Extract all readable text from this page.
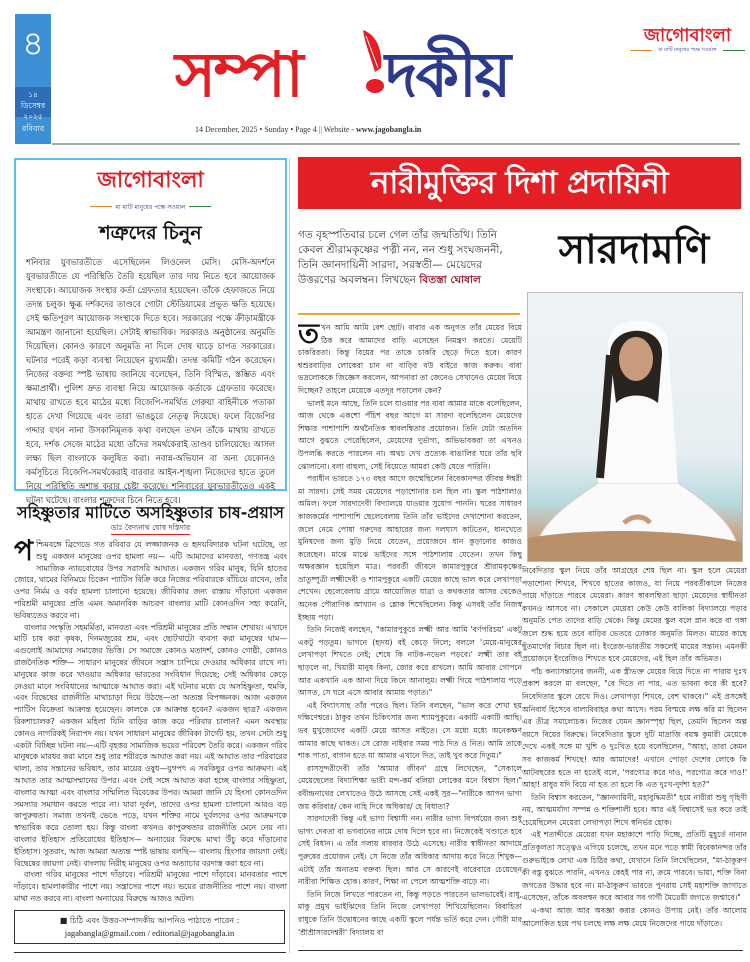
৪
১৪ ডিসেম্বর ২০২৫
রবিবার
সম্পা দকীয়
14 December, 2025 • Sunday • Page 4 || Website - www.jagobangla.in
জাগোবাংলা
মা মাটি মানুষের পক্ষে সওয়াল
জাগোবাংলা
মা মাটি মানুষের পক্ষে সওয়াল
শত্রুদের চিনুন

শনিবার যুবভারতীতে এসেছিলেন লিওনেল মেসি। মেসি-অদর্শনে যুবভারতীতে যে পরিস্থিতি তৈরি হয়েছিল তার দায় নিতে হবে আয়োজক সংস্থাকে। আয়োজক সংস্থার কর্তা গ্রেফতার হয়েছেন। তাঁকে হেফাজতে নিয়ে তদন্ত চলুক। ক্ষুব্ধ দর্শকদের তাণ্ডবে গোটা স্টেডিয়ামের প্রভূত ক্ষতি হয়েছে। সেই ক্ষতিপূরণ আয়োজক সংস্থাকে দিতে হবে। সরকারের পক্ষে ক্রীড়ামন্ত্রীকে আমন্ত্রণ জানানো হয়েছিল। সেটাই স্বাভাবিক। সরকারও অনুষ্ঠানের অনুমতি দিয়েছিল। কোনও কারণে অনুমতি না দিলে দোষ ঘাড়ে চাপত সরকারের। ঘটনার পরেই কড়া ব্যবস্থা নিয়েছেন মুখ্যমন্ত্রী। তদন্ত কমিটি গঠন করেছেন। নিজের বক্তব্য স্পষ্ট ভাষায় জানিয়ে বলেছেন, তিনি বিস্মিত, স্তম্ভিত এবং ক্ষমাপ্রার্থী। পুলিশ দ্রুত ব্যবস্থা নিয়ে আয়োজক কর্তাকে গ্রেফতার করেছে। মাথায় রাখতে হবে মাঠের মধ্যে বিজেপি-সমর্থিত গেরুয়া বাহিনীকে পতাকা হাতে দেখা গিয়েছে এবং তারা ভাঙচুরে নেতৃত্ব দিয়েছে। ফলে বিজেপির গদ্দার যখন নানা উসকানিমূলক কথা বলছেন তখন তাঁকে মাথায় রাখতে হবে, দর্শক সেজে মাঠের মধ্যে তাঁদের সমর্থকেরাই তাণ্ডব চালিয়েছে। আসল লক্ষ্য ছিল বাংলাকে কলুষিত করা। নবান্ন-অভিযান বা অন্য যেকোনও কর্মসূচিতে বিজেপি-সমর্থকেরাই বারবার আইন-শৃঙ্খলা নিজেদের হাতে তুলে নিয়ে পরিস্থিতি অশান্ত করার চেষ্টা করেছে। শনিবারের যুবভারতীতেও একই ঘটনা ঘটেছে। বাংলার শত্রুদের চিনে নিতে হবে।

সহিষ্ণুতার মাটিতে অসহিষ্ণুতার চাষ-প্রয়াস
ডাঃ বৈদ্যনাথ ঘোষ দস্তিদার

পশ্চিমবঙ্গে ব্রিগেডে গত রবিবার যে লজ্জাজনক ও হৃদয়বিদারক ঘটনা ঘটেছে, তা শুধু একজন মানুষের ওপর হামলা নয়— এটি আমাদের মানবতা, গণতন্ত্র এবং সামাজিক ন্যায়বোধের উপর সরাসরি আঘাত। একজন গরিব মানুষ, যিনি হাতের জোরে, ঘামের বিনিময়ে চিকেন প্যাটিস বিক্রি করে নিজের পরিবারকে বাঁচিয়ে রাখেন, তাঁর ওপর নির্মম ও বর্বর হামলা চালানো হয়েছে। জীবিকার জন্য রাস্তায় দাঁড়ানো একজন পরিশ্রমী মানুষের প্রতি এমন অমানবিক আচরণ বাংলার মাটি কোনওদিন সহ্য করেনি, ভবিষ্যতেও করবে না।

বাংলার সংস্কৃতি সহমর্মিতা, মানবতা এবং পরিশ্রমী মানুষের প্রতি সম্মান শেখায়। এখানে মাটি চাষ করা কৃষক, দিনমজুরের শ্রম, এবং ছোটখাটো ব্যবসা করা মানুষের ঘাম— এগুলোই আমাদের সমাজের ভিত্তি। সে সমাজে কোনও মতাদর্শ, কোনও গোষ্ঠী, কোনও রাজনৈতিক শক্তি— সাধারণ মানুষের জীবনে সন্ত্রাস চাপিয়ে দেওয়ার অধিকার রাখে না। মানুষের কাজ করে খাওয়ার অধিকার ভারতের সংবিধান দিয়েছে; সেই অধিকার কেড়ে নেওয়া মানে সংবিধানের আত্মাকে আঘাত করা। এই ঘটনার মধ্যে যে অসহিষ্ণুতা, হুমকি, এবং বিদ্বেষের রাজনীতি মাথাচাড়া দিয়ে উঠছে—তা অত্যন্ত বিপজ্জনক। আজ একজন প্যাটিস বিক্রেতা আক্রান্ত হয়েছেন। কালকে কে আক্রান্ত হবেন? একজন ছাত্র? একজন রিকশাচালক? একজন মহিলা যিনি বাড়ির কাজ করে পরিবার চালান? এমন অবস্থায় কোনও নাগরিকই নিরাপদ নয়। যখন সাধারণ মানুষের জীবিকা টার্গেট হয়, তখন সেটা শুধু একটা বিচ্ছিন্ন ঘটনা নয়—এটি বৃহত্তর সামাজিক ভয়ের পরিবেশ তৈরি করে। একজন গরিব মানুষকে মারধর করা মানে শুধু তার শরীরকে আঘাত করা নয়। এই আঘাত তার পরিবারের থালা, তার সন্তানের ভবিষ্যৎ, তার মায়ের ওষুধ—যুগপৎ এ সবকিছুর ওপর আক্রমণ। এই আঘাত তার আত্মসম্মানের উপর। এবং সেই সঙ্গে আঘাত করা হচ্ছে বাংলার সহিষ্ণুতা, বাংলার আত্মা এবং বাংলার সম্মিলিত বিবেকের উপর। আমরা জানি যে হিংসা কোনওদিন সমস্যার সমাধান করতে পারে না। যারা দুর্বল, তাদের ওপর হামলা চালানো আরও বড় কাপুরুষতা। সমাজ তখনই ভেঙে পড়ে, যখন শক্তির নামে দুর্বলদের ওপর আক্রমণকে স্বাভাবিক করে তোলা হয়। কিন্তু বাংলা কখনও কাপুরুষতার রাজনীতি মেনে নেয় না। বাংলার ইতিহাস প্রতিরোধের ইতিহাস— অন্যায়ের বিরুদ্ধে মাথা উঁচু করে দাঁড়ানোর ইতিহাস। সুতরাং, আজ আমরা অত্যন্ত স্পষ্ট ভাষায় বলছি— বাংলায় হিংসার জায়গা নেই। বিদ্বেষের জায়গা নেই। বাংলায় নিরীহ মানুষের ওপর অত্যাচার বরদাস্ত করা হবে না।

বাংলা গরিব মানুষের পাশে দাঁড়াবে। পরিশ্রমী মানুষের পাশে দাঁড়াবে। মানবতার পাশে দাঁড়াবে। হামলাকারীর পাশে নয়। সন্ত্রাসের পাশে নয়। ভয়ের রাজনীতির পাশে নয়। বাংলা মাথা নত করবে না। বাংলা অন্যায়ের বিরুদ্ধে আজও অটল।

■ চিঠি এবং উত্তর-সম্পাদকীয় আপনিও পাঠাতে পারেন :
jagabangla@gmail.com / editorial@jagobangla.in
নারীমুক্তির দিশা প্রদায়িনী
গত বৃহস্পতিবার চলে গেল তাঁর জন্মতিথি। তিনি কেবল শ্রীরামকৃষ্ণের পত্নী নন, নন শুধু সংঘজননী, তিনি জ্ঞানদায়িনী সারদা, সরস্বতী— মেয়েদের উত্তরণের অবলম্বন। লিখছেন বিতস্তা ঘোষাল
সারদামণি

তখন আমি আমি বেশ ছোট। বাবার এক অনুগত তাঁর মেয়ের বিয়ে ঠিক করে আমাদের বাড়ি এসেছেন নিমন্ত্রণ করতে। মেয়েটি চাকরিরতা। কিন্তু বিয়ের পর তাকে চাকরি ছেড়ে দিতে হবে। কারণ শ্বশুরবাড়ির লোকেরা চান না বাড়ির বউ বাইরে কাজ করুক। বাবা ভদ্রলোককে জিজ্ঞেস করলেন, আপনারা তা জেনেও সেখানেও মেয়ের বিয়ে দিচ্ছেন? তাহলে মেয়েকে এতদূর পড়ালেন কেন?

ভালই মনে আছে, তিনি চলে যাওয়ার পর বাবা আমার মাকে বলেছিলেন, আজ থেকে একশো পঁচিশ বছর আগে মা সারদা বলেছিলেন মেয়েদের শিক্ষার পাশাপাশি অর্থনৈতিক স্বাবলম্বিতার প্রয়োজন। তিনি যেটা অতদিন আগে বুঝতে পেরেছিলেন, মেয়েদের দুর্ভাগ্য, অভিভাবকরা তা এখনও উপলব্ধি করতে পারলেন না। অথচ দেখ প্রত্যেক বাঙালির ঘরে তাঁর ছবি ঝোলানো। বলা বাহুল্য, সেই বিয়েতে আমরা কেউ যেতে পারিনি।

পরাধীন ভারতে ১৭৩ বছর আগে জন্মেছিলেন বিবেকানন্দর জীবন্ত ঈশ্বরী মা সারদা। সেই সময় মেয়েদের পড়াশোনার চল ছিল না। স্কুল পাঠশালাও অমিল। ফলে সারদাদেবী বিদ্যালয়ে যাওয়ার সুযোগ পাননি। ঘরের সাধারণ কাজকর্মের পাশাপাশি ছেলেবেলায় তিনি তাঁর ভাইদের দেখাশোনা করতেন, জলে নেমে পোষা গরুদের আহারের জন্য দলঘাস কাটতেন, ধানখেতে মুনিষদের জন্য মুড়ি নিয়ে যেতেন, প্রয়োজনে ধান কুড়ানোর কাজও করেছেন। মাঝে মাঝে ভাইদের সঙ্গে পাঠশালায় যেতেন। তখন কিছু অক্ষরজ্ঞান হয়েছিল মাত্র। পরবর্তী জীবনে কামারপুকুরে শ্রীরামকৃষ্ণের ভ্রাতুষ্পুত্রী লক্ষ্মীদেবী ও শ্যামপুকুরে একটি মেয়ের কাছে ভাল করে লেখাপড়া শেখেন। ছেলেবেলায় গ্রামে আয়োজিত যাত্রা ও কথকতার আসর থেকেও অনেক পৌরাণিক আখ্যান ও শ্লোক শিখেছিলেন। কিন্তু এসবই তাঁর নিজস্ব ইচ্ছায় পড়া।

তিনি নিজেই বলছেন, "কামারপুকুরে লক্ষ্মী আর আমি 'বর্ণপরিচয়' একটু একটু পড়তুম। ভাগনে (হৃদয়) বই কেড়ে নিলে; বললে 'মেয়ে-মানুষের লেখাপড়া শিখতে নেই; শেষে কি নাটক-নভেল পড়বে।' লক্ষ্মী তার বই ছাড়লে না, খিয়ারী মানুষ কিনা, জোর করে রাখলে। আমি আবার গোপনে আর একখানি এক আনা দিয়ে কিনে আনালুম। লক্ষ্মী গিয়ে পাঠশালায় পড়ে আসত, সে ঘরে এসে আবার আমায় পড়াত।"

এই বিদ্যাৎসাহ তাঁর পরেও ছিল। তিনি বলছেন, "ভাল করে শেখা হয় দক্ষিণেশ্বরে। ঠাকুর তখন চিকিৎসার জন্য শ্যামপুকুরে। একাটি একাটি আছি। ভব মুখুজ্যেদের একটি মেয়ে আসত নাইতে। সে মধ্যে মধ্যে অনেকক্ষণ আমার কাছে থাকত। সে রোজ নাইবার সময় পাঠ দিত ও নিত। আমি তাকে শাক পাতা, বাগান হতে যা আমার এখানে দিত, তাই খুব করে দিতুম।"

রাসসুন্দরীদেবী তাঁর 'আমার জীবন' গ্রন্থে লিখেছেন, "সেকালে মেয়েছেলের বিদ্যাশিক্ষা ভারী মন্দ-কর্ম বলিয়া লোকের মনে বিশ্বাস ছিল।" রবীন্দ্রনাথের লেখাতেও উঠে আসছে সেই একই সুর—"নারীকে আপন ভাগ্য জয় করিবার/ কেন নাহি দিবে অধিকার/ হে বিধাতা?

সারদাদেবী কিন্তু এই ভাগ্য বিশ্বাসী নন। নারীর ভাগ্য বিপর্যয়ের জন্য শুধু ভাগ্য দেবতা বা ভগবানের নামে দোষ দিলে হবে না। নিজেকেই খণ্ডাতে হবে সেই বিধান। এ তাঁর গলায় বারবার উঠে এসেছে। নারীর স্বাধীনতা আদায়ে পুরুষের প্রয়োজন নেই। সে নিজে তাঁর অধিকার আদায় করে নিতে শিখুক— এটাই তাঁর অন্যতম বক্তব্য ছিল। আর সে কারণেই বারেবারে চেয়েছেন নারীরা শিক্ষিত হোক। কারণ, শিক্ষা না পেলে আত্মশক্তি বাড়ে না।

তিনি নিজে লিখতে পারতেন না, কিন্তু পড়তে পারতেন ভালভাবেই। রাধু, মাকু প্রমুখ ভাইঝিদের তিনি নিজে লেখাপড়া শিখিয়েছিলেন। বিবাহিতা রাধুকে তিনি উদ্বোধনের কাছে একটি স্কুলে পর্যন্ত ভর্তি করে দেন। গৌরী মার 'শ্রীশ্রীসারদেশ্বরী' বিদ্যালয় বা

নিবেদিতার স্কুল নিয়ে তাঁর আগ্রহের শেষ ছিল না। স্কুল হলে মেয়েরা পড়াশোনা শিখবে, শিখবে হাতের কাজও, যা নিয়ে পরবর্তীকালে নিজের পায়ে দাঁড়াতে পারবে মেয়েরা। কারণ স্বাবলম্বিতা ছাড়া মেয়েদের স্বাধীনতা কখনও আসবে না। সেকালে মেয়েরা কেউ কেউ বালিকা বিদ্যালয়ে পড়ার অনুমতি পেত তাদের বাড়ি থেকে। কিন্তু মেমের স্কুল বলে স্নান করে বা গঙ্গা জলে শুদ্ধ হয়ে তবে বাড়ির ভেতরে ঢোকার অনুমতি মিলত। মায়ের কাছে ছুঁতমার্গের বিচার ছিল না। ইংরেজ-ভারতীয় সকলেই মায়ের সন্তান। এমনকী প্রয়োজনে ইংরেজিও শিখতে হবে মেয়েদের, এই ছিল তাঁর অভিমত।

পাঁচ কন্যাসন্তানের জননী, এক স্ত্রীভক্ত মেয়ের বিয়ে দিতে না পারায় দুঃখ প্রকাশ করলে মা বলছেন, "বে দিতে না পার, এত ভাবনা করে কী হবে? নিবেদিতার স্কুলে রেখে দিও। লেখাপড়া শিখবে, বেশ থাকবে।" এই প্রসঙ্গেই অনিবার্য হিসেবে বাল্যবিবাহর কথা আসে। পরম বিস্ময়ে লক্ষ করি মা ছিলেন এর তীব্র সমালোচক। নিজের যেমন জ্ঞানস্পৃহা ছিল, তেমনি ছিলেন অল্প বয়সে বিয়ের বিরুদ্ধে। নিবেদিতার স্কুলে দুটি মাদ্রাজি বয়স্ক কুমারী মেয়েকে দেখে একই সঙ্গে মা খুশি ও দুঃখিত হয়ে বলেছিলেন, "আহা, তারা কেমন সব কাজকর্ম শিখছে! আর আমাদের! এখানে পোড়া দেশের লোকে কি আটবছরের হতে না হতেই বলে, 'পরগোত্র করে দাও, পরগোত্র করে দাও!' আহা! রাধুর যদি বিয়ে না হত তা হলে কি এত দুঃখ-দুর্দশা হত?"

তিনি বিশ্বাস করতেন, "জ্ঞানদায়িনী, মহাবুদ্ধিমতী" হয়ে নারীরা শুধু গৃহিণী নয়, আত্মমর্যাদা সম্পন্ন ও শক্তিশালী হবে। আর এই বিশ্বাসেই ভর করে তাই চেয়েছিলেন মেয়েরা লেখাপড়া শিখে স্বনির্ভর হোক।

এই শতাব্দীতে মেয়েরা যখন মহাকাশে পাড়ি দিচ্ছে, প্রতিটি মুহূর্তে নানান প্রতিকূলতা সত্ত্বেও এগিয়ে চলেছে, তখন মনে পড়ে স্বামী বিবেকানন্দর তাঁর গুরুভাইকে লেখা এক চিঠির কথা, যেখানে তিনি লিখেছিলেন, "মা-ঠাকুরুণ কী বস্তু বুঝতে পারনি, এখনও কেহই পার না, ক্রমে পারবে। ভায়া, শক্তি বিনা জগতের উদ্ধার হবে না। মা-ঠাকুরুণ ভারতে পুনরায় সেই মহাশক্তি জাগাতে এসেছেন, তাঁকে অবলম্বন করে আবার সব গার্গী মৈত্রেয়ী জগতে জন্মাবে।"

এ-কথা আজ আর অবজ্ঞা করার কোনও উপায় নেই। তাঁর আলোয় আলোকিত হয়ে পথ চলছে লক্ষ লক্ষ মেয়ে নিজেদের পায়ে দাঁড়াতে।
